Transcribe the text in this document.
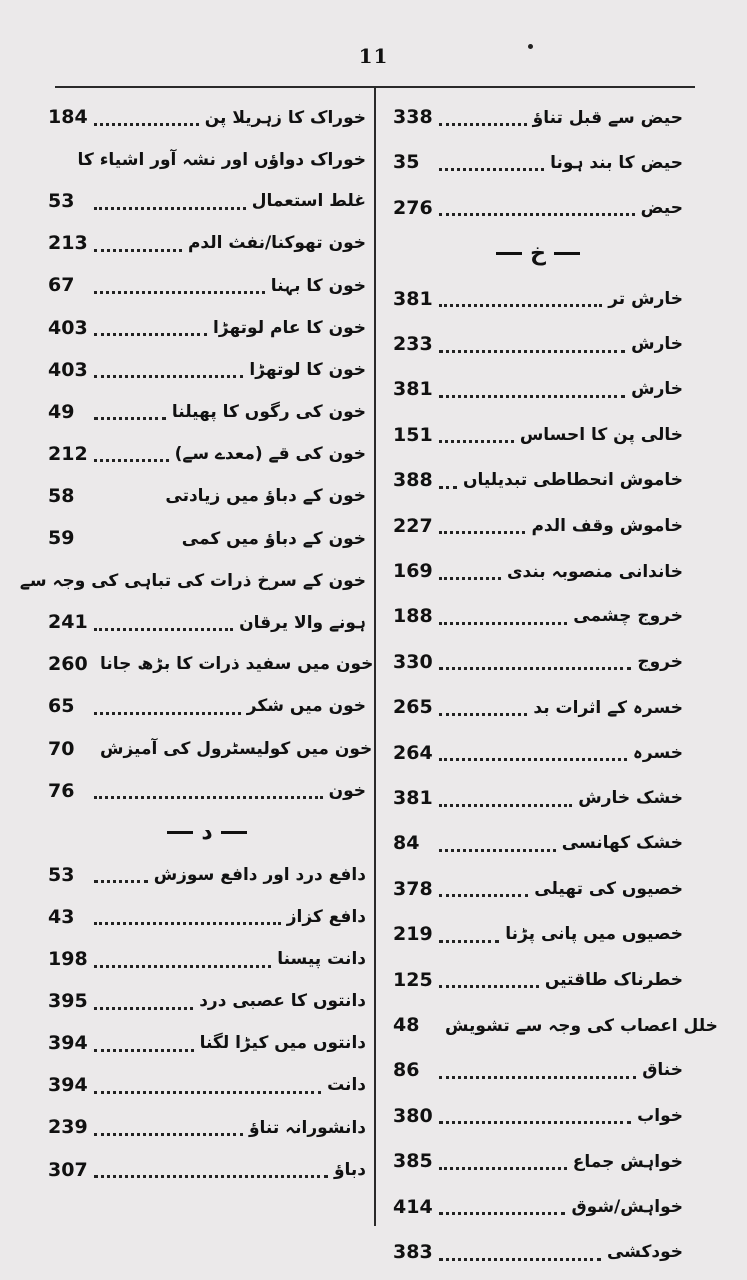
11
338	حیض سے قبل تناؤ
35	حیض کا بند ہونا
276	حیض
خ
381	خارش تر
233	خارش
381	خارش
151	خالی پن کا احساس
388 خاموش انحطاطی تبدیلیاں
227	خاموش وقف الدم
169	خاندانی منصوبہ بندی
188	خروج چشمی
330	خروج
265	خسرہ کے اثرات بد
264	خسرہ
381	خشک خارش
84	خشک کھانسی
378	خصیوں کی تھیلی
219	خصیوں میں پانی پڑنا
125	خطرناک طاقتیں
48	خلل اعصاب کی وجہ سے تشویش
86	خناق
380	خواب
385	خواہش جماع
414	خواہش/شوق
383	خودکشی
184	خوراک کا زہریلا پن
خوراک دواؤں اور نشہ آور اشیاء کا
53	غلط استعمال
213	خون تھوکنا/نفث الدم
67	خون کا بہنا
403	خون کا عام لوتھڑا
403	خون کا لوتھڑا
49	خون کی رگوں کا پھیلنا
212	خون کی قے (معدے سے)
58	خون کے دباؤ میں زیادتی
59	خون کے دباؤ میں کمی
خون کے سرخ ذرات کی تباہی کی وجہ سے
241	ہونے والا یرقان
260 خون میں سفید ذرات کا بڑھ جانا
65	خون میں شکر
70	خون میں کولیسٹرول کی آمیزش
76	خون
د
53	دافع درد اور دافع سوزش
43	دافع کزاز
198	دانت پیسنا
395	دانتوں کا عصبی درد
394	دانتوں میں کیڑا لگنا
394	دانت
239	دانشورانہ تناؤ
307	دباؤ
